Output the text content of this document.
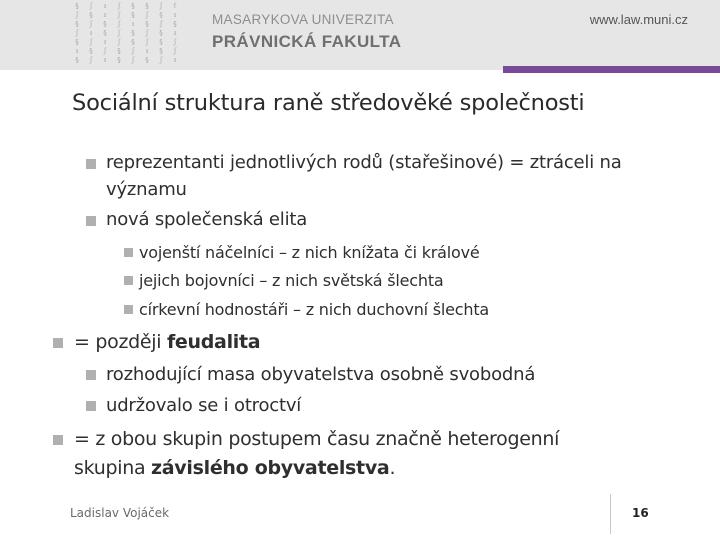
§	ʃ	↕	ʃ	§	§	ʃ	ſ
ʃ	§	↕	ʃ	§	ʃ	§	↕
§	ʃ	§	ʃ	↕	§	ʃ	§
ʃ	↕	§	ʃ	§	ʃ	§	↕
§	ʃ	↕	ʃ	§	ʃ	§	ʃ
↕	§	ʃ	§	ʃ	↕	§	ʃ
§	ʃ	↕	§	ʃ	§	ʃ	↕
MASARYKOVA UNIVERZITA
PRÁVNICKÁ FAKULTA
www.law.muni.cz
Sociální struktura raně středověké společnosti
reprezentanti jednotlivých rodů (stařešinové) = ztráceli na
významu
nová společenská elita
vojenští náčelníci – z nich knížata či králové
jejich bojovníci – z nich světská šlechta
církevní hodnostáři – z nich duchovní šlechta
= později feudalita
rozhodující masa obyvatelstva osobně svobodná
udržovalo se i otroctví
= z obou skupin postupem času značně heterogenní
skupina závislého obyvatelstva.
Ladislav Vojáček	16
